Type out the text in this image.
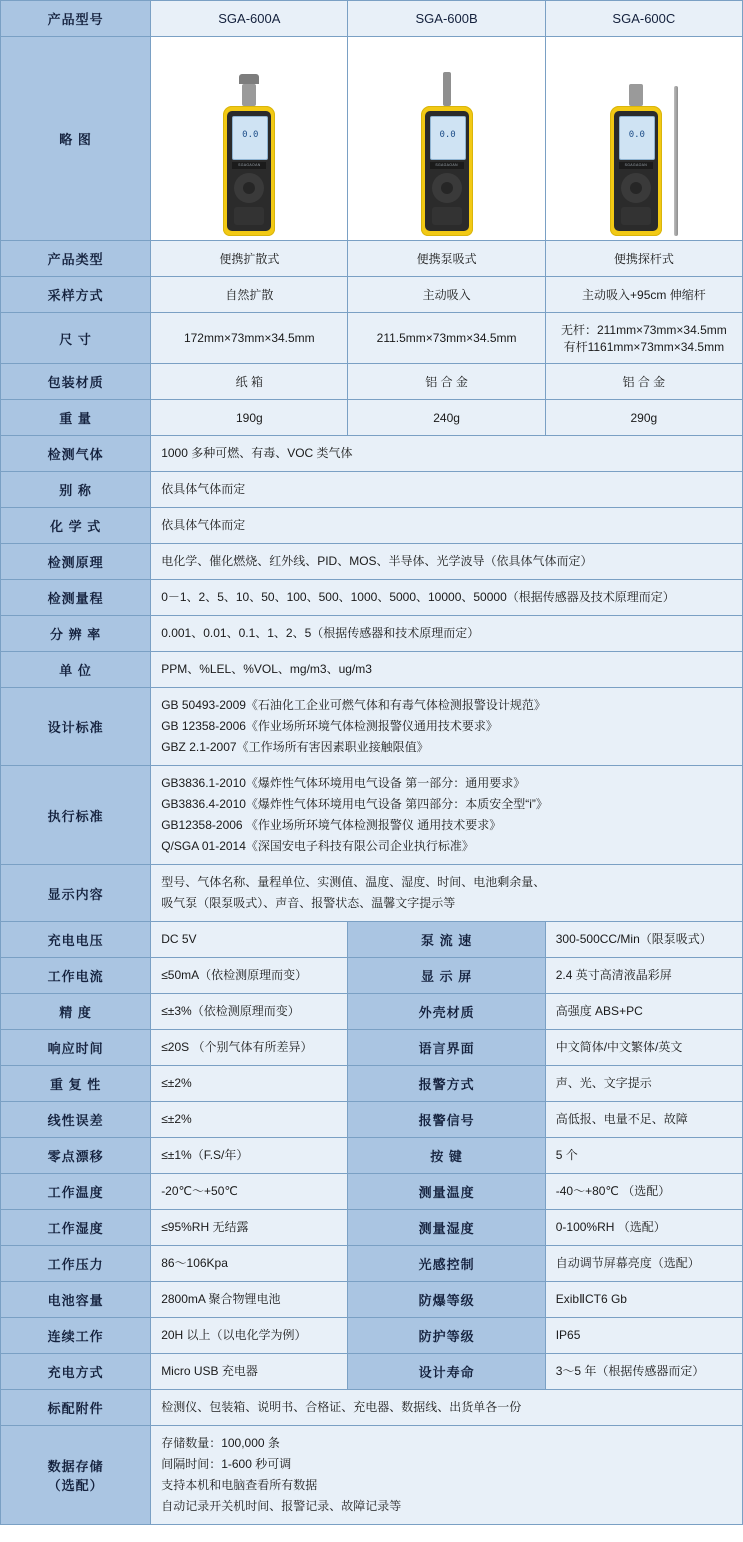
产品型号	SGA-600A	SGA-600B	SGA-600C
略 图	0.0
SGAGAOAN

0.0
SGAGAOAN

0.0
SGAGAOAN

产品类型	便携扩散式	便携泵吸式	便携探杆式
采样方式	自然扩散	主动吸入	主动吸入+95cm 伸缩杆
尺 寸	172mm×73mm×34.5mm	211.5mm×73mm×34.5mm	无杆：211mm×73mm×34.5mm
有杆1161mm×73mm×34.5mm
包装材质	纸 箱	铝 合 金	铝 合 金
重 量	190g	240g	290g
检测气体	1000 多种可燃、有毒、VOC 类气体		
别 称	依具体气体而定		
化 学 式	依具体气体而定		
检测原理	电化学、催化燃烧、红外线、PID、MOS、半导体、光学波导（依具体气体而定）		
检测量程	0－1、2、5、10、50、100、500、1000、5000、10000、50000（根据传感器及技术原理而定）		
分 辨 率	0.001、0.01、0.1、1、2、5（根据传感器和技术原理而定）		
单 位	PPM、%LEL、%VOL、mg/m3、ug/m3		
设计标准	GB 50493-2009《石油化工企业可燃气体和有毒气体检测报警设计规范》
GB 12358-2006《作业场所环境气体检测报警仪通用技术要求》
GBZ 2.1-2007《工作场所有害因素职业接触限值》		
执行标准	GB3836.1-2010《爆炸性气体环境用电气设备 第一部分：通用要求》
GB3836.4-2010《爆炸性气体环境用电气设备 第四部分：本质安全型“i”》
GB12358-2006 《作业场所环境气体检测报警仪 通用技术要求》
Q/SGA 01-2014《深国安电子科技有限公司企业执行标准》		
显示内容	型号、气体名称、量程单位、实测值、温度、湿度、时间、电池剩余量、
吸气泵（限泵吸式）、声音、报警状态、温馨文字提示等		
充电电压	DC 5V	泵 流 速	300-500CC/Min（限泵吸式）
工作电流	≤50mA（依检测原理而变）	显 示 屏	2.4 英寸高清液晶彩屏
精 度	≤±3%（依检测原理而变）	外壳材质	高强度 ABS+PC
响应时间	≤20S （个别气体有所差异）	语言界面	中文简体/中文繁体/英文
重 复 性	≤±2%	报警方式	声、光、文字提示
线性误差	≤±2%	报警信号	高低报、电量不足、故障
零点漂移	≤±1%（F.S/年）	按 键	5 个
工作温度	-20℃～+50℃	测量温度	-40～+80℃ （选配）
工作湿度	≤95%RH 无结露	测量湿度	0-100%RH （选配）
工作压力	86～106Kpa	光感控制	自动调节屏幕亮度（选配）
电池容量	2800mA 聚合物锂电池	防爆等级	ExibⅡCT6 Gb
连续工作	20H 以上（以电化学为例）	防护等级	IP65
充电方式	Micro USB 充电器	设计寿命	3～5 年（根据传感器而定）
标配附件	检测仪、包装箱、说明书、合格证、充电器、数据线、出货单各一份		
数据存储
（选配）	存储数量：100,000 条
间隔时间：1-600 秒可调
支持本机和电脑查看所有数据
自动记录开关机时间、报警记录、故障记录等		
